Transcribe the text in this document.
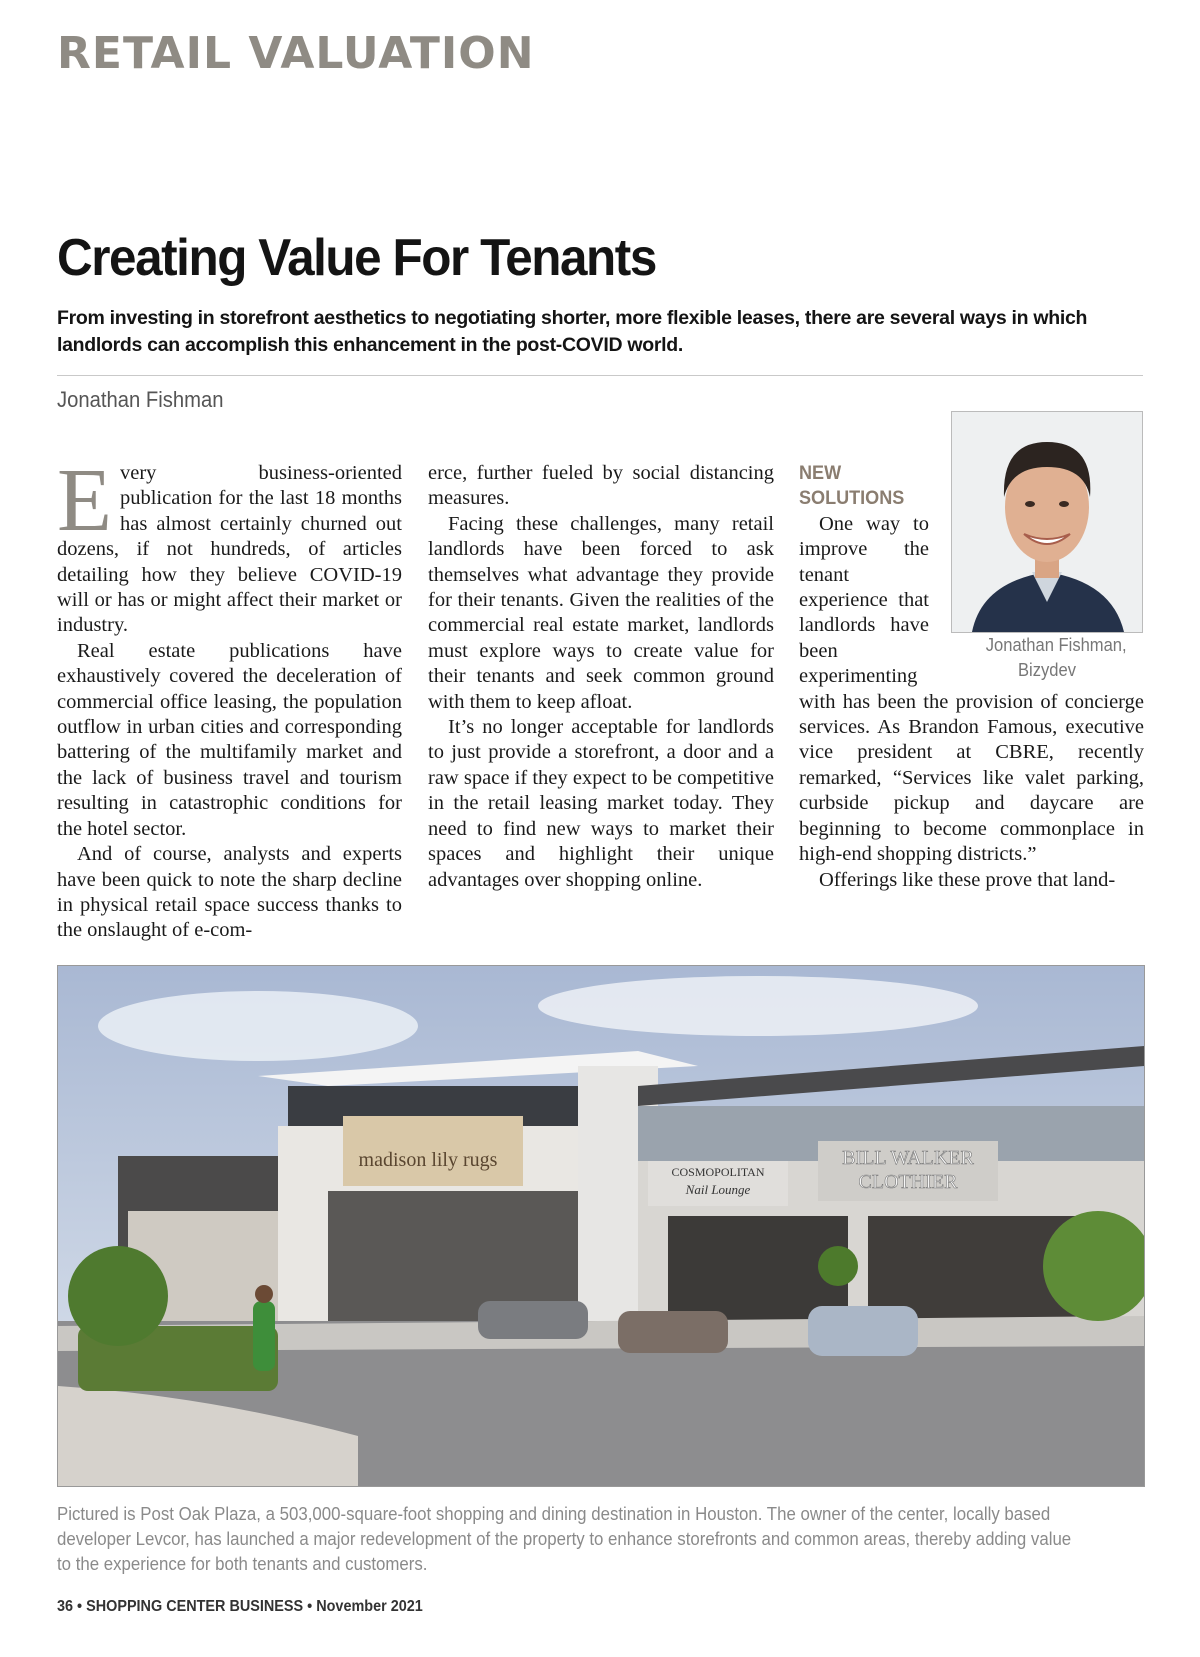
RETAIL VALUATION
Creating Value For Tenants

From investing in storefront aesthetics to negotiating shorter, more flexible leases, there are several ways in which landlords can accomplish this enhancement in the post-COVID world.

Jonathan Fishman

Every business-oriented publication for the last 18 months has almost certainly churned out dozens, if not hundreds, of articles detailing how they believe COVID-19 will or has or might affect their market or industry.

Real estate publications have exhaustively covered the deceleration of commercial office leasing, the population outflow in urban cities and corresponding battering of the multifamily market and the lack of business travel and tourism resulting in catastrophic conditions for the hotel sector.

And of course, analysts and experts have been quick to note the sharp decline in physical retail space success thanks to the onslaught of e-com-

erce, further fueled by social distancing measures.

Facing these challenges, many retail landlords have been forced to ask themselves what advantage they provide for their tenants. Given the realities of the commercial real estate market, landlords must explore ways to create value for their tenants and seek common ground with them to keep afloat.

It’s no longer acceptable for landlords to just provide a storefront, a door and a raw space if they expect to be competitive in the retail leasing market today. They need to find new ways to market their spaces and highlight their unique advantages over shopping online.

Jonathan Fishman,
Bizydev

NEW SOLUTIONS

One way to improve the tenant experience that landlords have been experimenting with has been the provision of concierge services. As Brandon Famous, executive vice president at CBRE, recently remarked, “Services like valet parking, curbside pickup and daycare are beginning to become commonplace in high-end shopping districts.”

Offerings like these prove that land-

madison lily rugs
COSMOPOLITAN
Nail Lounge
BILL WALKER
CLOTHIER

Pictured is Post Oak Plaza, a 503,000-square-foot shopping and dining destination in Houston. The owner of the center, locally based developer Levcor, has launched a major redevelopment of the property to enhance storefronts and common areas, thereby adding value to the experience for both tenants and customers.

36 • SHOPPING CENTER BUSINESS • November 2021
